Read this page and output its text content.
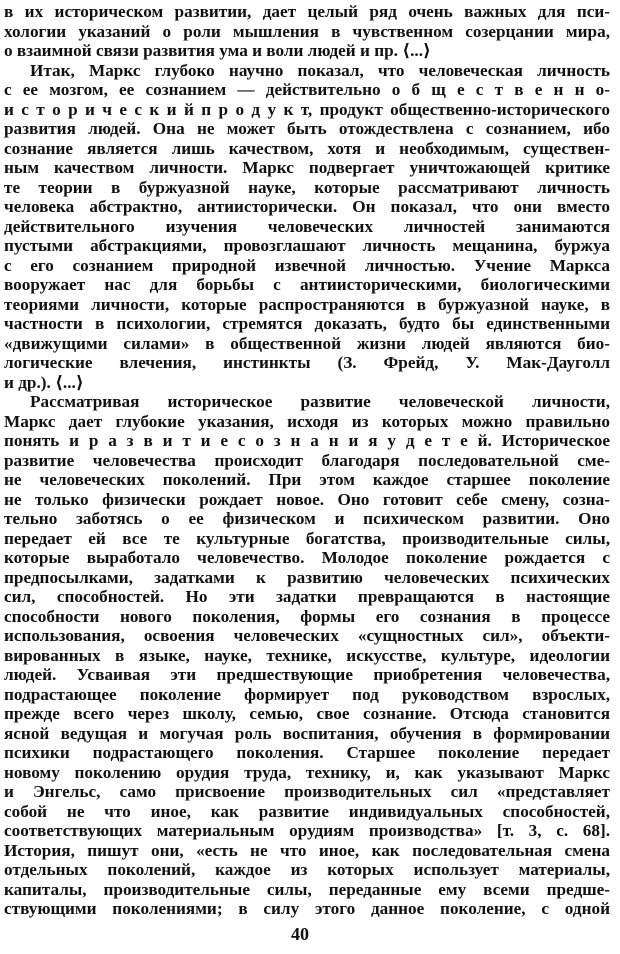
в их историческом развитии, дает целый ряд очень важных для пси-
хологии указаний о роли мышления в чувственном созерцании мира,
о взаимной связи развития ума и воли людей и пр. ⟨...⟩
Итак, Маркс глубоко научно показал, что человеческая личность
с ее мозгом, ее сознанием — действительно о б щ е с т в е н н о-
и с т о р и ч е с к и й п р о д у к т, продукт общественно-исторического
развития людей. Она не может быть отождествлена с сознанием, ибо
сознание является лишь качеством, хотя и необходимым, существен-
ным качеством личности. Маркс подвергает уничтожающей критике
те теории в буржуазной науке, которые рассматривают личность
человека абстрактно, антиисторически. Он показал, что они вместо
действительного изучения человеческих личностей занимаются
пустыми абстракциями, провозглашают личность мещанина, буржуа
с его сознанием природной извечной личностью. Учение Маркса
вооружает нас для борьбы с антиисторическими, биологическими
теориями личности, которые распространяются в буржуазной науке, в
частности в психологии, стремятся доказать, будто бы единственными
«движущими силами» в общественной жизни людей являются био-
логические влечения, инстинкты (З. Фрейд, У. Мак-Дауголл
и др.). ⟨...⟩
Рассматривая историческое развитие человеческой личности,
Маркс дает глубокие указания, исходя из которых можно правильно
понять и р а з в и т и е с о з н а н и я у д е т е й. Историческое
развитие человечества происходит благодаря последовательной сме-
не человеческих поколений. При этом каждое старшее поколение
не только физически рождает новое. Оно готовит себе смену, созна-
тельно заботясь о ее физическом и психическом развитии. Оно
передает ей все те культурные богатства, производительные силы,
которые выработало человечество. Молодое поколение рождается с
предпосылками, задатками к развитию человеческих психических
сил, способностей. Но эти задатки превращаются в настоящие
способности нового поколения, формы его сознания в процессе
использования, освоения человеческих «сущностных сил», объекти-
вированных в языке, науке, технике, искусстве, культуре, идеологии
людей. Усваивая эти предшествующие приобретения человечества,
подрастающее поколение формирует под руководством взрослых,
прежде всего через школу, семью, свое сознание. Отсюда становится
ясной ведущая и могучая роль воспитания, обучения в формировании
психики подрастающего поколения. Старшее поколение передает
новому поколению орудия труда, технику, и, как указывают Маркс
и Энгельс, само присвоение производительных сил «представляет
собой не что иное, как развитие индивидуальных способностей,
соответствующих материальным орудиям производства» [т. 3, с. 68].
История, пишут они, «есть не что иное, как последовательная смена
отдельных поколений, каждое из которых использует материалы,
капиталы, производительные силы, переданные ему всеми предше-
ствующими поколениями; в силу этого данное поколение, с одной
40
